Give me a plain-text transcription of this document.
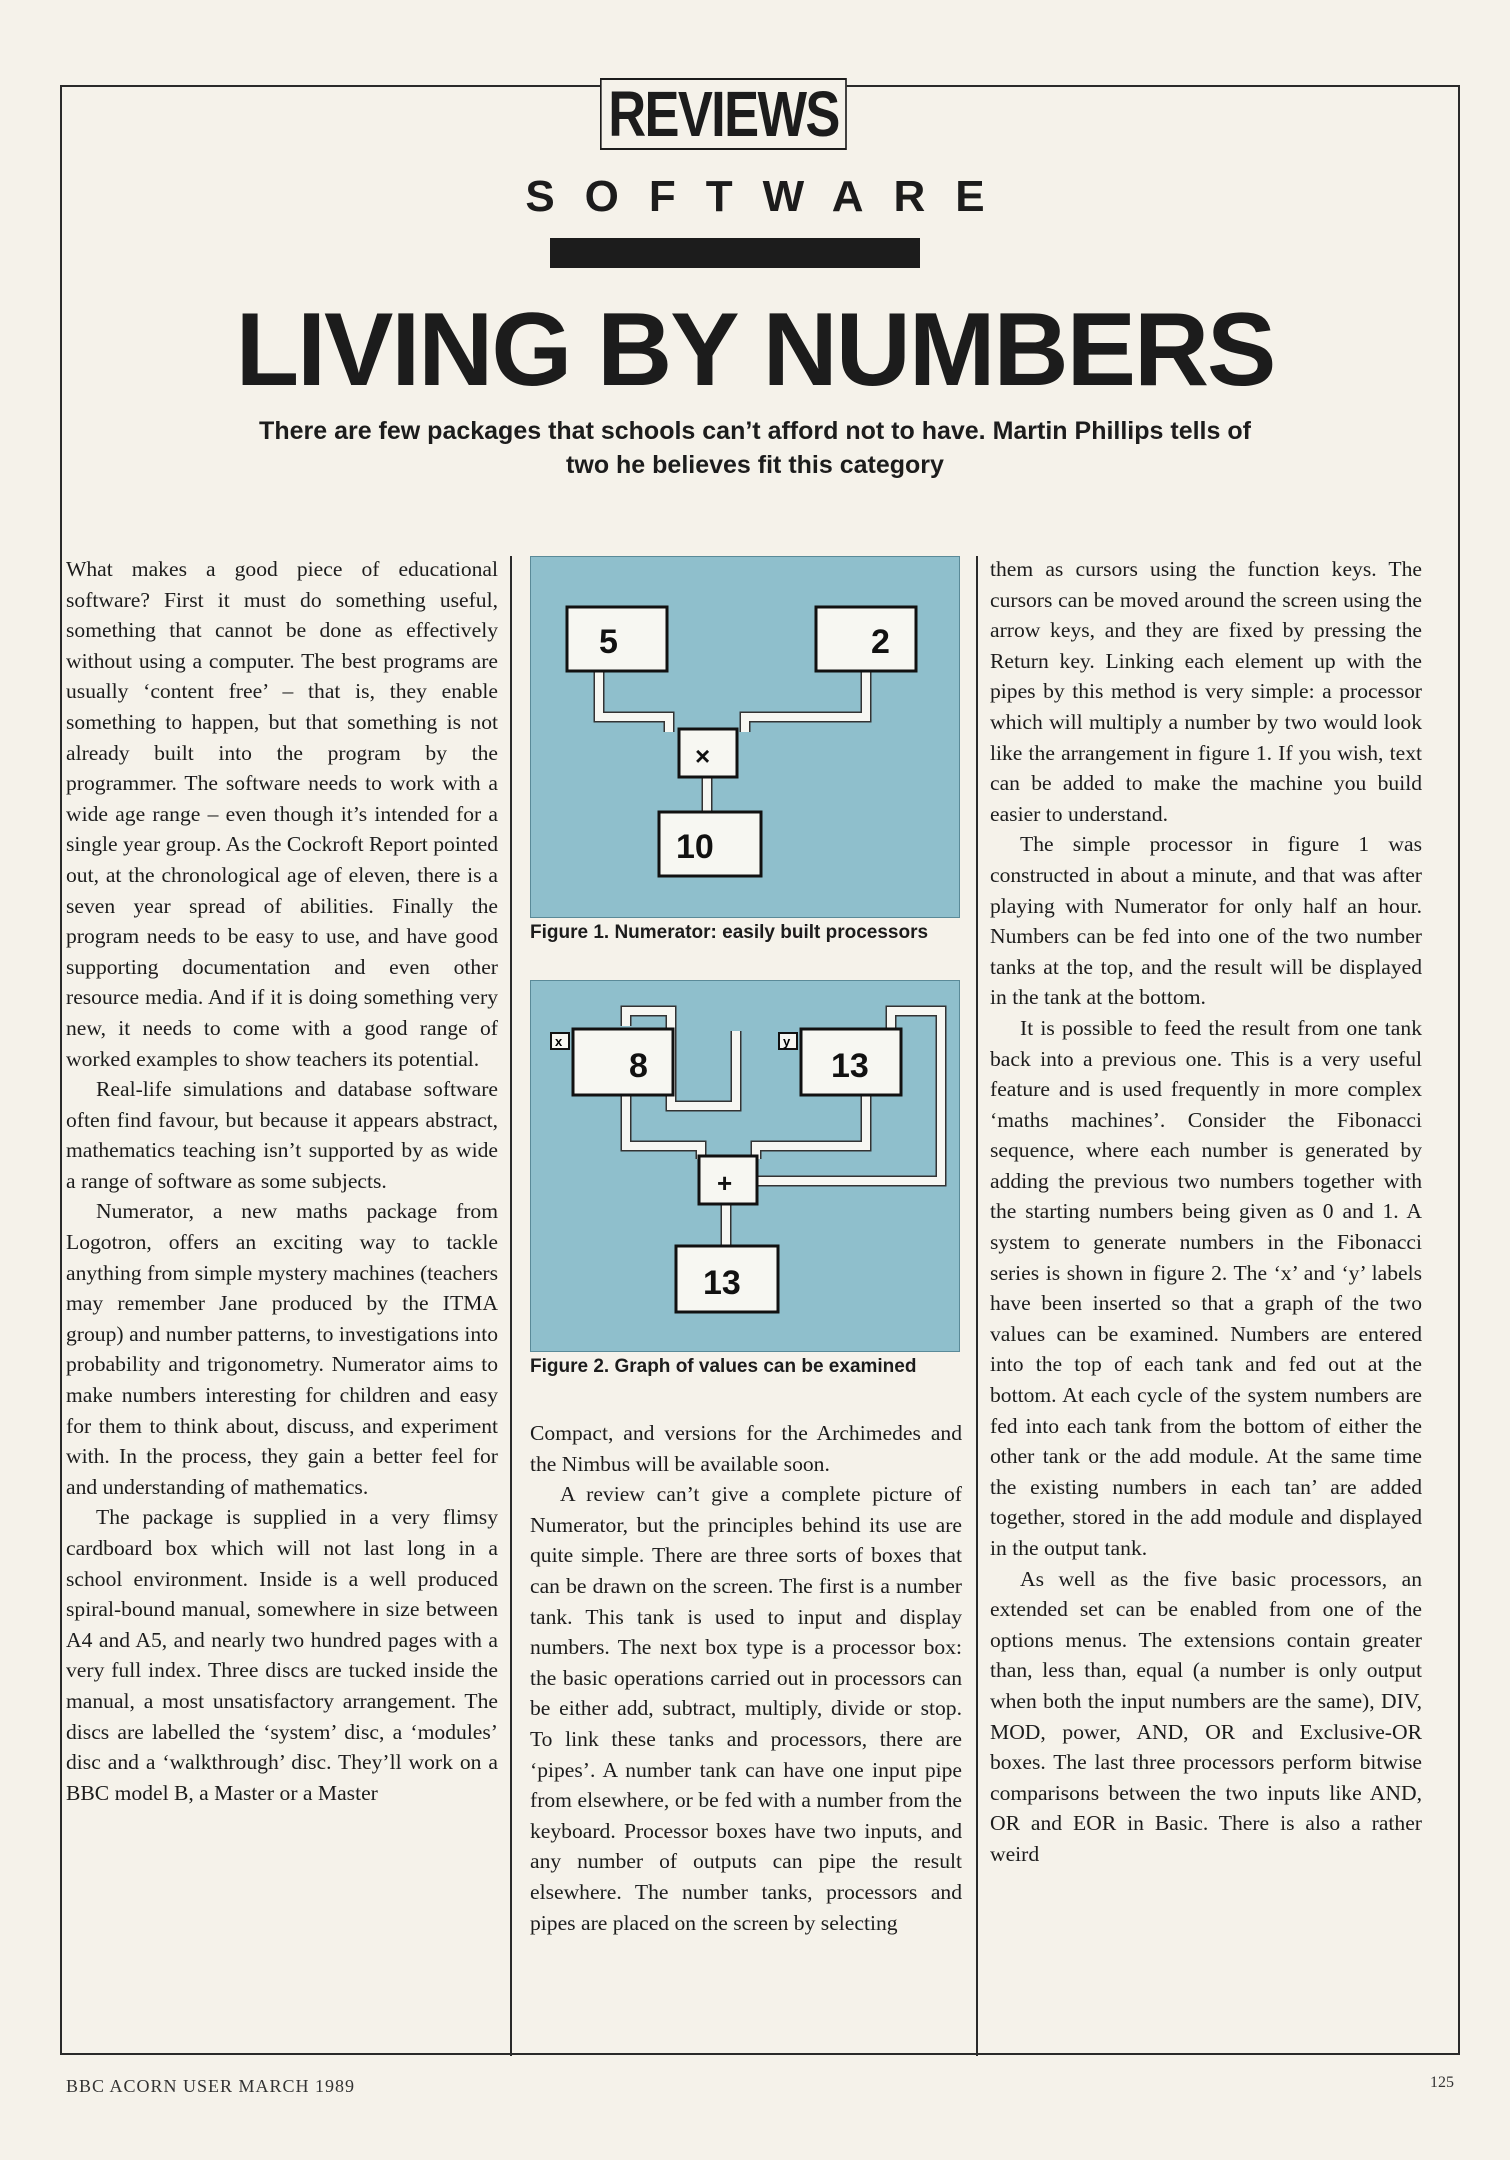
REVIEWS
SOFTWARE
LIVING BY NUMBERS
There are few packages that schools can’t afford not to have. Martin Phillips tells of two he believes fit this category

What makes a good piece of educational software? First it must do something useful, something that cannot be done as effectively without using a computer. The best programs are usually ‘content free’ – that is, they enable something to happen, but that something is not already built into the program by the programmer. The software needs to work with a wide age range – even though it’s intended for a single year group. As the Cockroft Report pointed out, at the chronological age of eleven, there is a seven year spread of abilities. Finally the program needs to be easy to use, and have good supporting documentation and even other resource media. And if it is doing something very new, it needs to come with a good range of worked examples to show teachers its potential.

Real-life simulations and database software often find favour, but because it appears abstract, mathematics teaching isn’t supported by as wide a range of software as some subjects.

Numerator, a new maths package from Logotron, offers an exciting way to tackle anything from simple mystery machines (teachers may remember Jane produced by the ITMA group) and number patterns, to investigations into probability and trigonometry. Numerator aims to make numbers interesting for children and easy for them to think about, discuss, and experiment with. In the process, they gain a better feel for and understanding of mathematics.

The package is supplied in a very flimsy cardboard box which will not last long in a school environment. Inside is a well produced spiral-bound manual, somewhere in size between A4 and A5, and nearly two hundred pages with a very full index. Three discs are tucked inside the manual, a most unsatisfactory arrangement. The discs are labelled the ‘system’ disc, a ‘modules’ disc and a ‘walkthrough’ disc. They’ll work on a BBC model B, a Master or a Master

5	2
×
10
Figure 1. Numerator: easily built processors
8
x
13
y
+
13
Figure 2. Graph of values can be examined

Compact, and versions for the Archimedes and the Nimbus will be available soon.

A review can’t give a complete picture of Numerator, but the principles behind its use are quite simple. There are three sorts of boxes that can be drawn on the screen. The first is a number tank. This tank is used to input and display numbers. The next box type is a processor box: the basic operations carried out in processors can be either add, subtract, multiply, divide or stop. To link these tanks and processors, there are ‘pipes’. A number tank can have one input pipe from elsewhere, or be fed with a number from the keyboard. Processor boxes have two inputs, and any number of outputs can pipe the result elsewhere. The number tanks, processors and pipes are placed on the screen by selecting

them as cursors using the function keys. The cursors can be moved around the screen using the arrow keys, and they are fixed by pressing the Return key. Linking each element up with the pipes by this method is very simple: a processor which will multiply a number by two would look like the arrangement in figure 1. If you wish, text can be added to make the machine you build easier to understand.

The simple processor in figure 1 was constructed in about a minute, and that was after playing with Numerator for only half an hour. Numbers can be fed into one of the two number tanks at the top, and the result will be displayed in the tank at the bottom.

It is possible to feed the result from one tank back into a previous one. This is a very useful feature and is used frequently in more complex ‘maths machines’. Consider the Fibonacci sequence, where each number is generated by adding the previous two numbers together with the starting numbers being given as 0 and 1. A system to generate numbers in the Fibonacci series is shown in figure 2. The ‘x’ and ‘y’ labels have been inserted so that a graph of the two values can be examined. Numbers are entered into the top of each tank and fed out at the bottom. At each cycle of the system numbers are fed into each tank from the bottom of either the other tank or the add module. At the same time the existing numbers in each tan’ are added together, stored in the add module and displayed in the output tank.

As well as the five basic processors, an extended set can be enabled from one of the options menus. The extensions contain greater than, less than, equal (a number is only output when both the input numbers are the same), DIV, MOD, power, AND, OR and Exclusive-OR boxes. The last three processors perform bitwise comparisons between the two inputs like AND, OR and EOR in Basic. There is also a rather weird

BBC ACORN USER MARCH 1989	125
